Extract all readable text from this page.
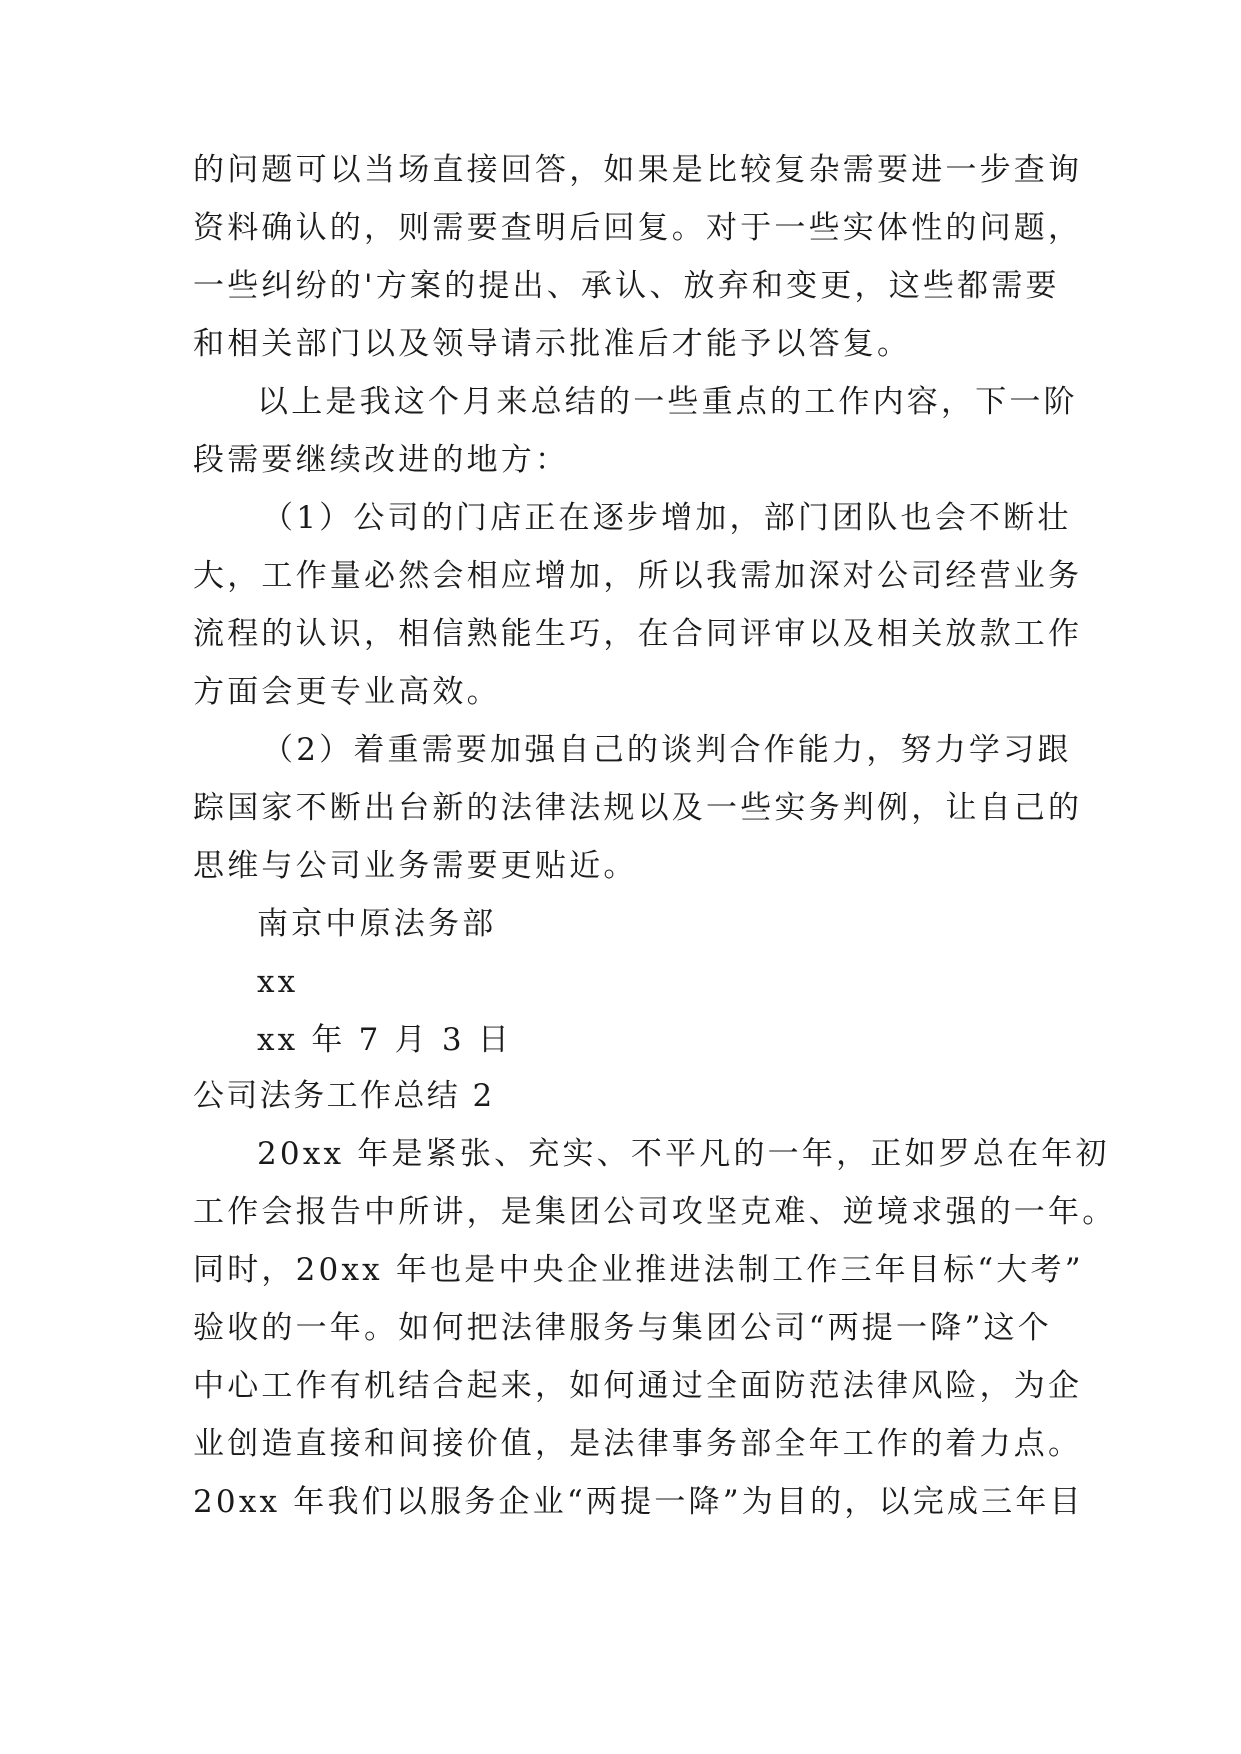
的问题可以当场直接回答，如果是比较复杂需要进一步查询
资料确认的，则需要查明后回复。对于一些实体性的问题，
一些纠纷的'方案的提出、承认、放弃和变更，这些都需要
和相关部门以及领导请示批准后才能予以答复。
以上是我这个月来总结的一些重点的工作内容，下一阶
段需要继续改进的地方：
（1）公司的门店正在逐步增加，部门团队也会不断壮
大，工作量必然会相应增加，所以我需加深对公司经营业务
流程的认识，相信熟能生巧，在合同评审以及相关放款工作
方面会更专业高效。
（2）着重需要加强自己的谈判合作能力，努力学习跟
踪国家不断出台新的法律法规以及一些实务判例，让自己的
思维与公司业务需要更贴近。
南京中原法务部
xx
xx 年 7 月 3 日
公司法务工作总结 2
20xx 年是紧张、充实、不平凡的一年，正如罗总在年初
工作会报告中所讲，是集团公司攻坚克难、逆境求强的一年。
同时，20xx 年也是中央企业推进法制工作三年目标“大考”
验收的一年。如何把法律服务与集团公司“两提一降”这个
中心工作有机结合起来，如何通过全面防范法律风险，为企
业创造直接和间接价值，是法律事务部全年工作的着力点。
20xx 年我们以服务企业“两提一降”为目的，以完成三年目
